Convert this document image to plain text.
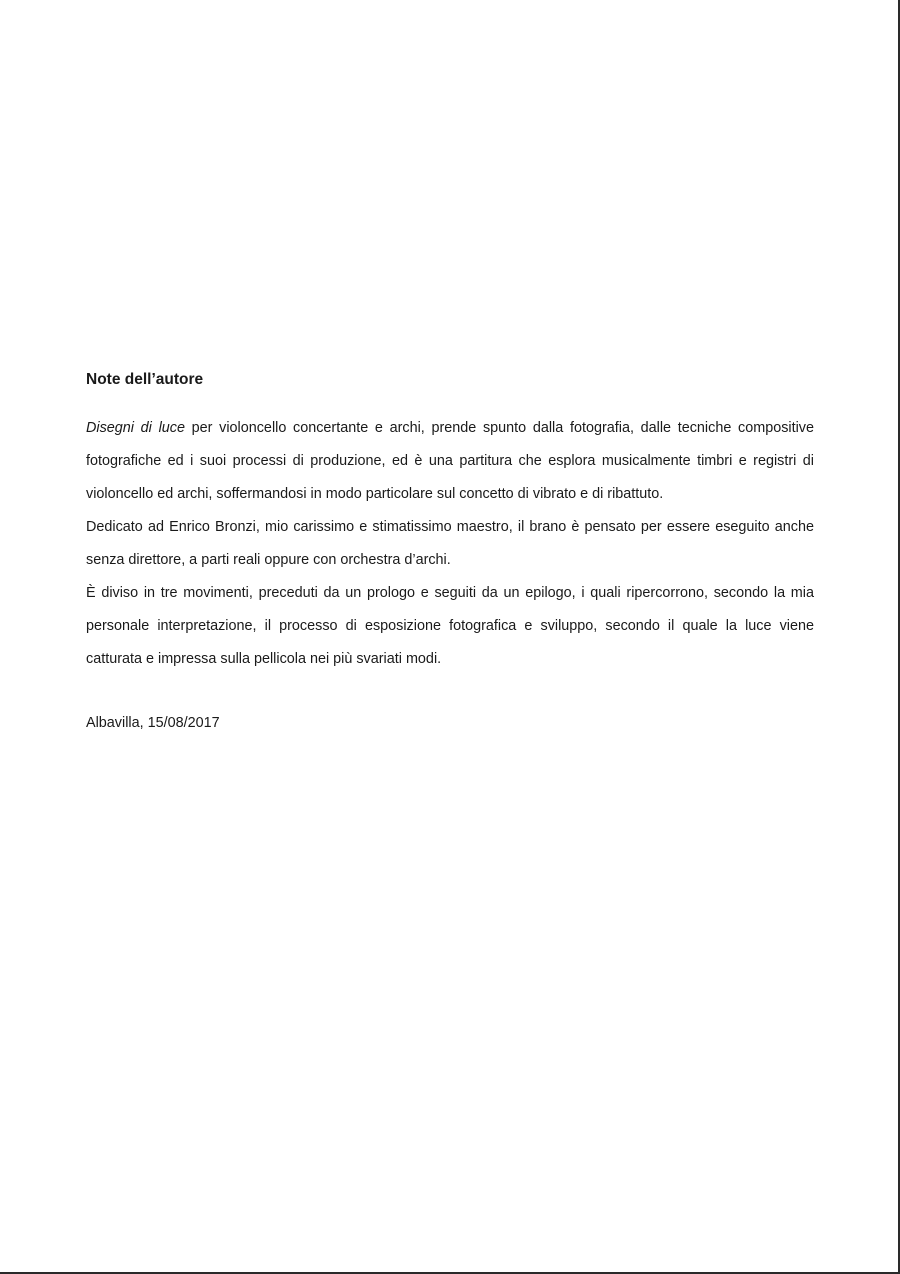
Note dell’autore

Disegni di luce per violoncello concertante e archi, prende spunto dalla fotografia, dalle tecniche compositive fotografiche ed i suoi processi di produzione, ed è una partitura che esplora musicalmente timbri e registri di violoncello ed archi, soffermandosi in modo particolare sul concetto di vibrato e di ribattuto.

Dedicato ad Enrico Bronzi, mio carissimo e stimatissimo maestro, il brano è pensato per essere eseguito anche senza direttore, a parti reali oppure con orchestra d’archi.

È diviso in tre movimenti, preceduti da un prologo e seguiti da un epilogo, i quali ripercorrono, secondo la mia personale interpretazione, il processo di esposizione fotografica e sviluppo, secondo il quale la luce viene catturata e impressa sulla pellicola nei più svariati modi.

Albavilla, 15/08/2017
